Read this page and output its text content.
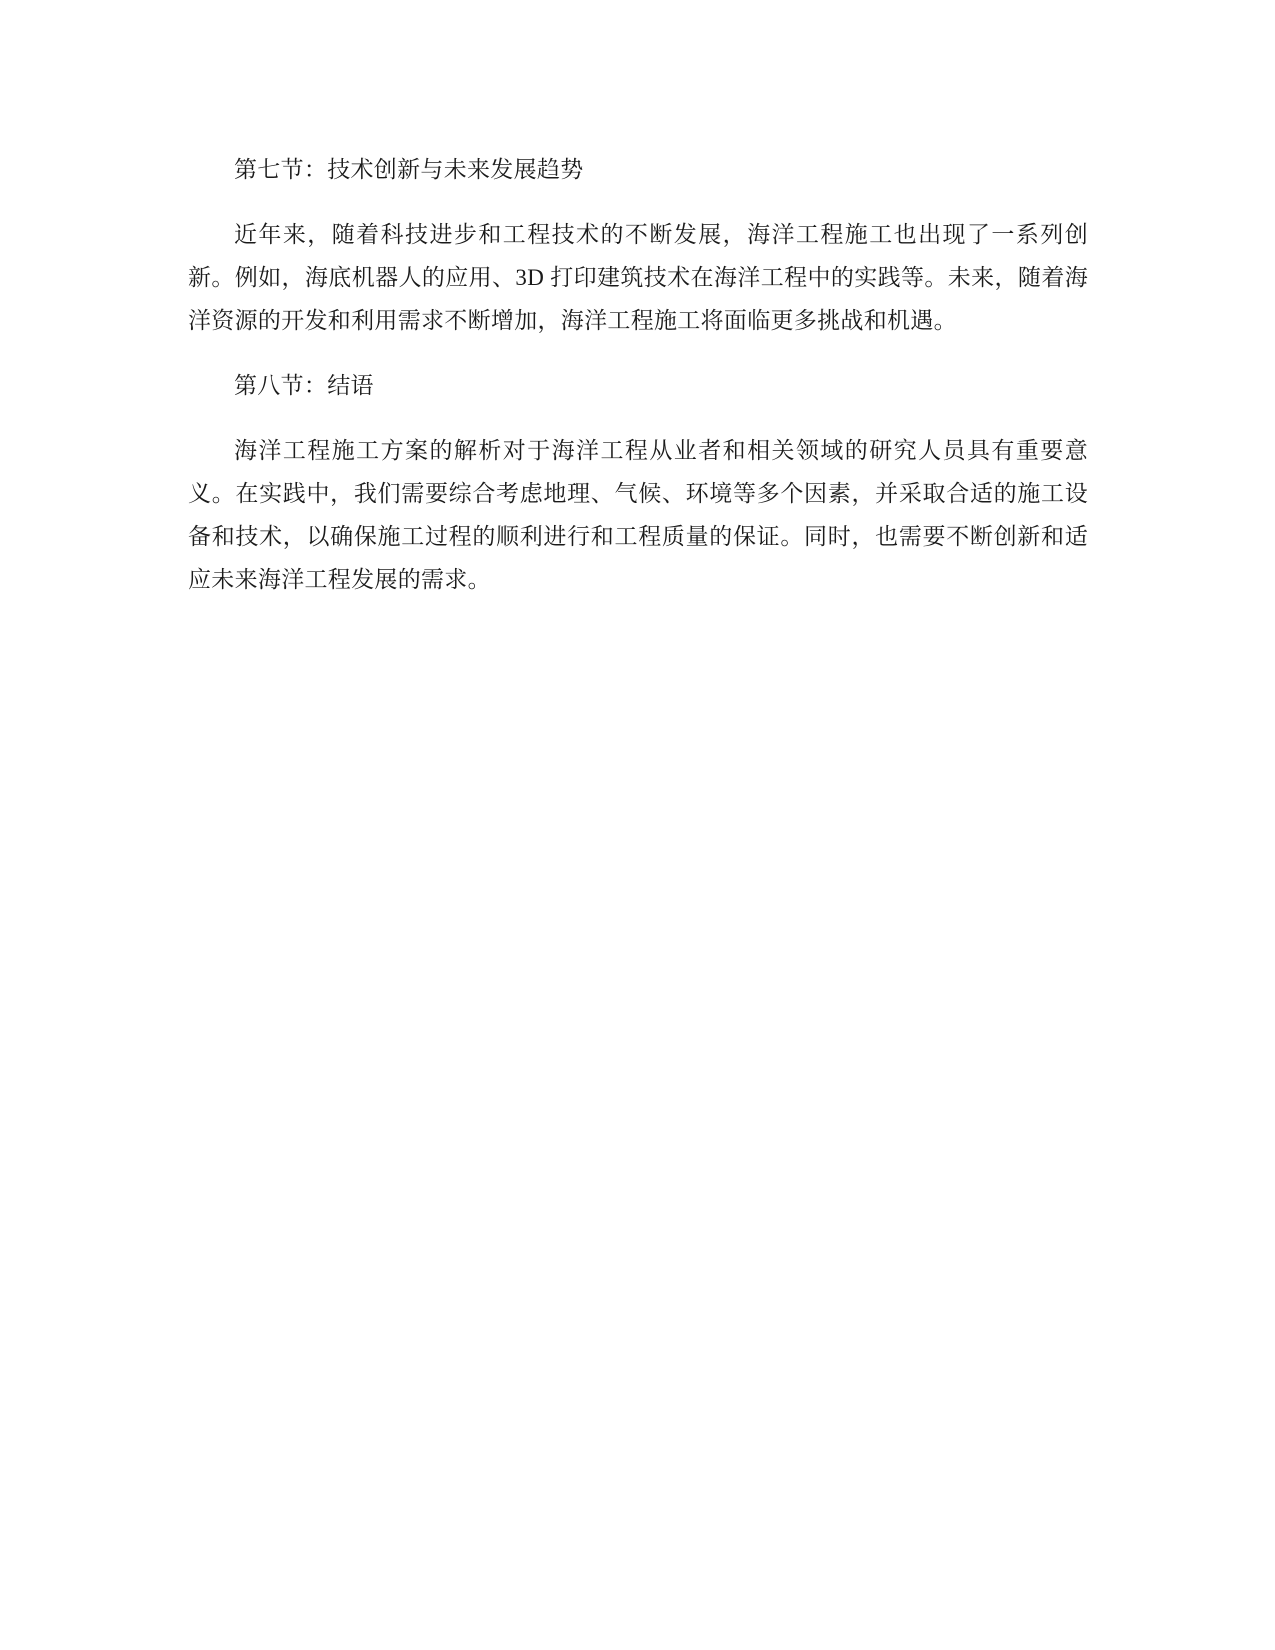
第七节：技术创新与未来发展趋势

近年来，随着科技进步和工程技术的不断发展，海洋工程施工也出现了一系列创新。例如，海底机器人的应用、3D 打印建筑技术在海洋工程中的实践等。未来，随着海洋资源的开发和利用需求不断增加，海洋工程施工将面临更多挑战和机遇。

第八节：结语

海洋工程施工方案的解析对于海洋工程从业者和相关领域的研究人员具有重要意义。在实践中，我们需要综合考虑地理、气候、环境等多个因素，并采取合适的施工设备和技术，以确保施工过程的顺利进行和工程质量的保证。同时，也需要不断创新和适应未来海洋工程发展的需求。
